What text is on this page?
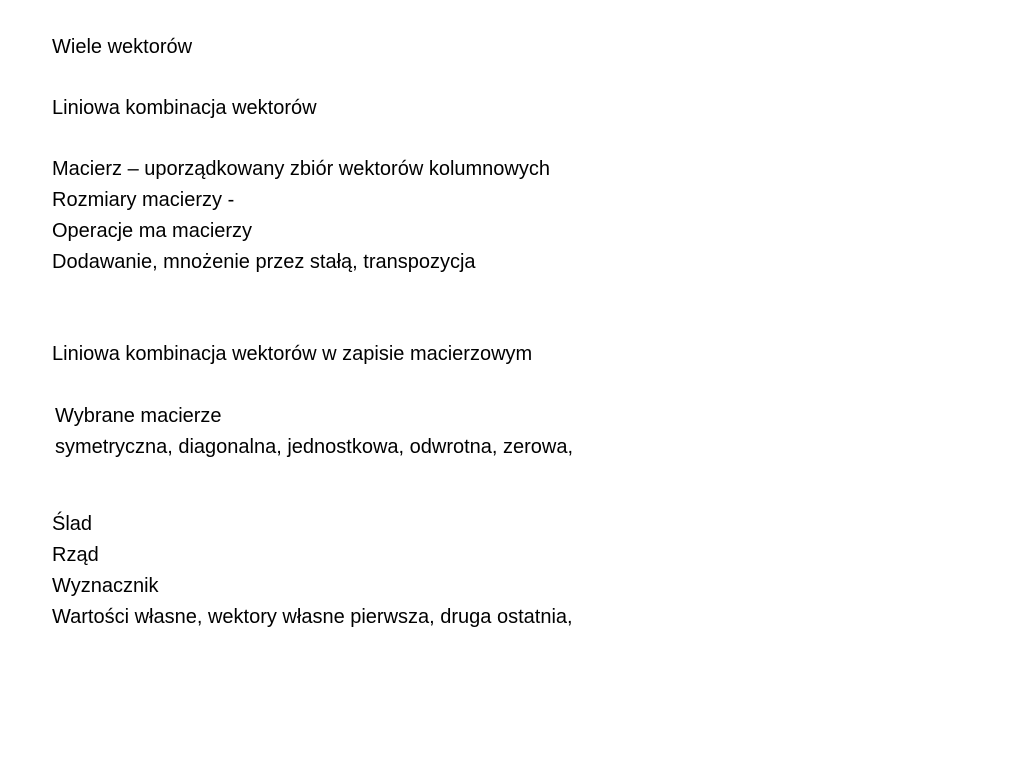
Wiele wektorów
Liniowa kombinacja wektorów
Macierz – uporządkowany zbiór wektorów kolumnowych
Rozmiary macierzy -
Operacje ma macierzy
Dodawanie, mnożenie przez stałą, transpozycja
Liniowa kombinacja wektorów w zapisie macierzowym
Wybrane macierze
symetryczna, diagonalna, jednostkowa, odwrotna, zerowa,
Ślad
Rząd
Wyznacznik
Wartości własne, wektory własne pierwsza, druga ostatnia,
